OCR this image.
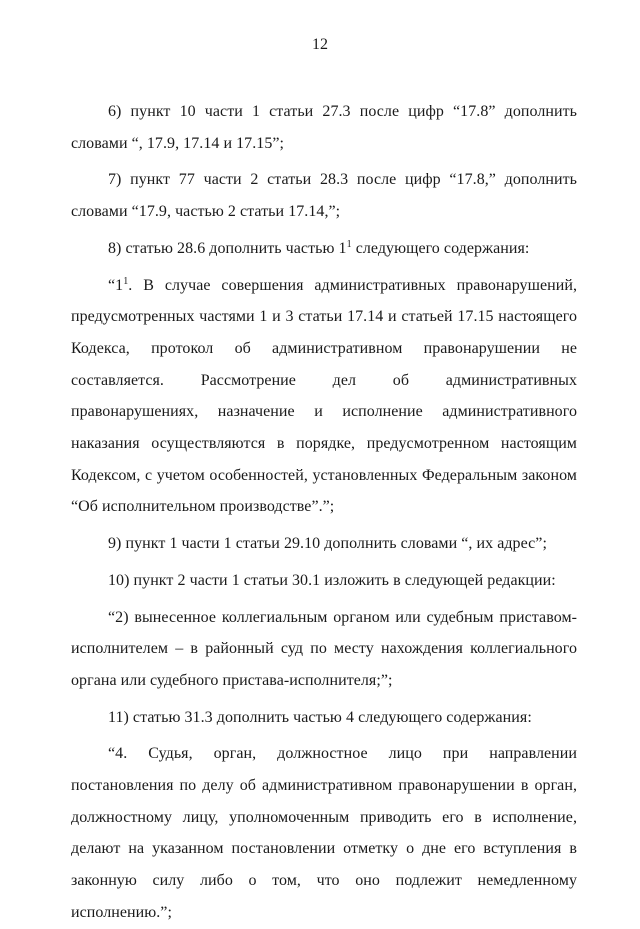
12

6) пункт 10 части 1 статьи 27.3 после цифр “17.8” дополнить словами “, 17.9, 17.14 и 17.15”;

7) пункт 77 части 2 статьи 28.3 после цифр “17.8,” дополнить словами “17.9, частью 2 статьи 17.14,”;

8) статью 28.6 дополнить частью $1^1$ следующего содержания:

“$1^1$. В случае совершения административных правонарушений, предусмотренных частями 1 и 3 статьи 17.14 и статьей 17.15 настоящего Кодекса, протокол об административном правонарушении не составляется. Рассмотрение дел об административных правонарушениях, назначение и исполнение административного наказания осуществляются в порядке, предусмотренном настоящим Кодексом, с учетом особенностей, установленных Федеральным законом “Об исполнительном производстве”.”;

9) пункт 1 части 1 статьи 29.10 дополнить словами “, их адрес”;

10) пункт 2 части 1 статьи 30.1 изложить в следующей редакции:

“2) вынесенное коллегиальным органом или судебным приставом-исполнителем – в районный суд по месту нахождения коллегиального органа или судебного пристава-исполнителя;”;

11) статью 31.3 дополнить частью 4 следующего содержания:

“4. Судья, орган, должностное лицо при направлении постановления по делу об административном правонарушении в орган, должностному лицу, уполномоченным приводить его в исполнение, делают на указанном постановлении отметку о дне его вступления в законную силу либо о том, что оно подлежит немедленному исполнению.”;
